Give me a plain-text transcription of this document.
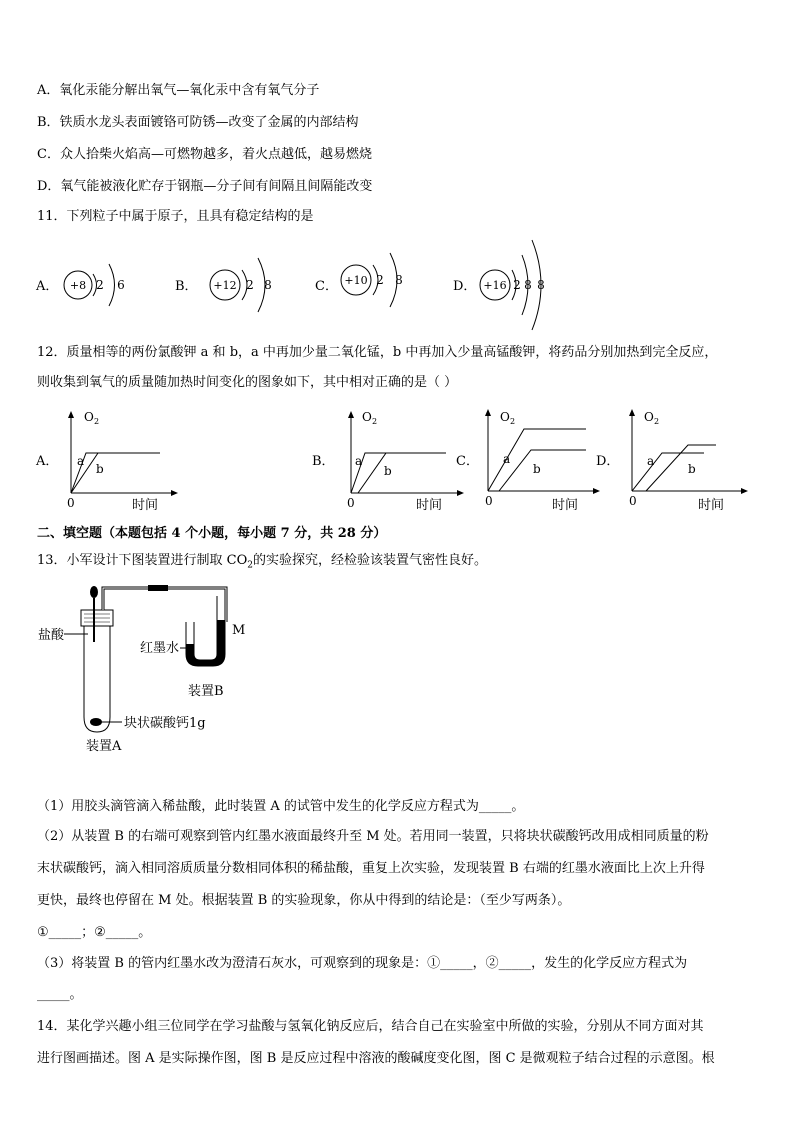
A．氧化汞能分解出氧气—氧化汞中含有氧气分子
B．铁质水龙头表面镀铬可防锈—改变了金属的内部结构
C．众人拾柴火焰高—可燃物越多，着火点越低，越易燃烧
D．氧气能被液化贮存于钢瓶—分子间有间隔且间隔能改变
11．下列粒子中属于原子，且具有稳定结构的是
A． +8 2 6	B． +12 2 8	C． +10 2 8	D． +16 2 8 8
12．质量相等的两份氯酸钾 a 和 b，a 中再加少量二氧化锰，b 中再加入少量高锰酸钾，将药品分别加热到完全反应，
则收集到氧气的质量随加热时间变化的图象如下，其中相对正确的是（ ）
A．
O 2
0	时间
a
b	B．
O 2
0	时间
a
b
C．
O 2
0	时间
a
b	D．
O 2
0	时间
a
b
二、填空题（本题包括 4 个小题，每小题 7 分，共 28 分）
13．小军设计下图装置进行制取 $CO_2$的实验探究，经检验该装置气密性良好。
盐酸
块状碳酸钙1g
装置A
红墨水
M
装置B
（1）用胶头滴管滴入稀盐酸，此时装置 A 的试管中发生的化学反应方程式为_____。
（2）从装置 B 的右端可观察到管内红墨水液面最终升至 M 处。若用同一装置，只将块状碳酸钙改用成相同质量的粉
末状碳酸钙，滴入相同溶质质量分数相同体积的稀盐酸，重复上次实验，发现装置 B 右端的红墨水液面比上次上升得
更快，最终也停留在 M 处。根据装置 B 的实验现象，你从中得到的结论是：（至少写两条）。
①_____；②_____。
（3）将装置 B 的管内红墨水改为澄清石灰水，可观察到的现象是：①_____，②_____，发生的化学反应方程式为
_____。
14．某化学兴趣小组三位同学在学习盐酸与氢氧化钠反应后，结合自己在实验室中所做的实验，分别从不同方面对其
进行图画描述。图 A 是实际操作图，图 B 是反应过程中溶液的酸碱度变化图，图 C 是微观粒子结合过程的示意图。根
